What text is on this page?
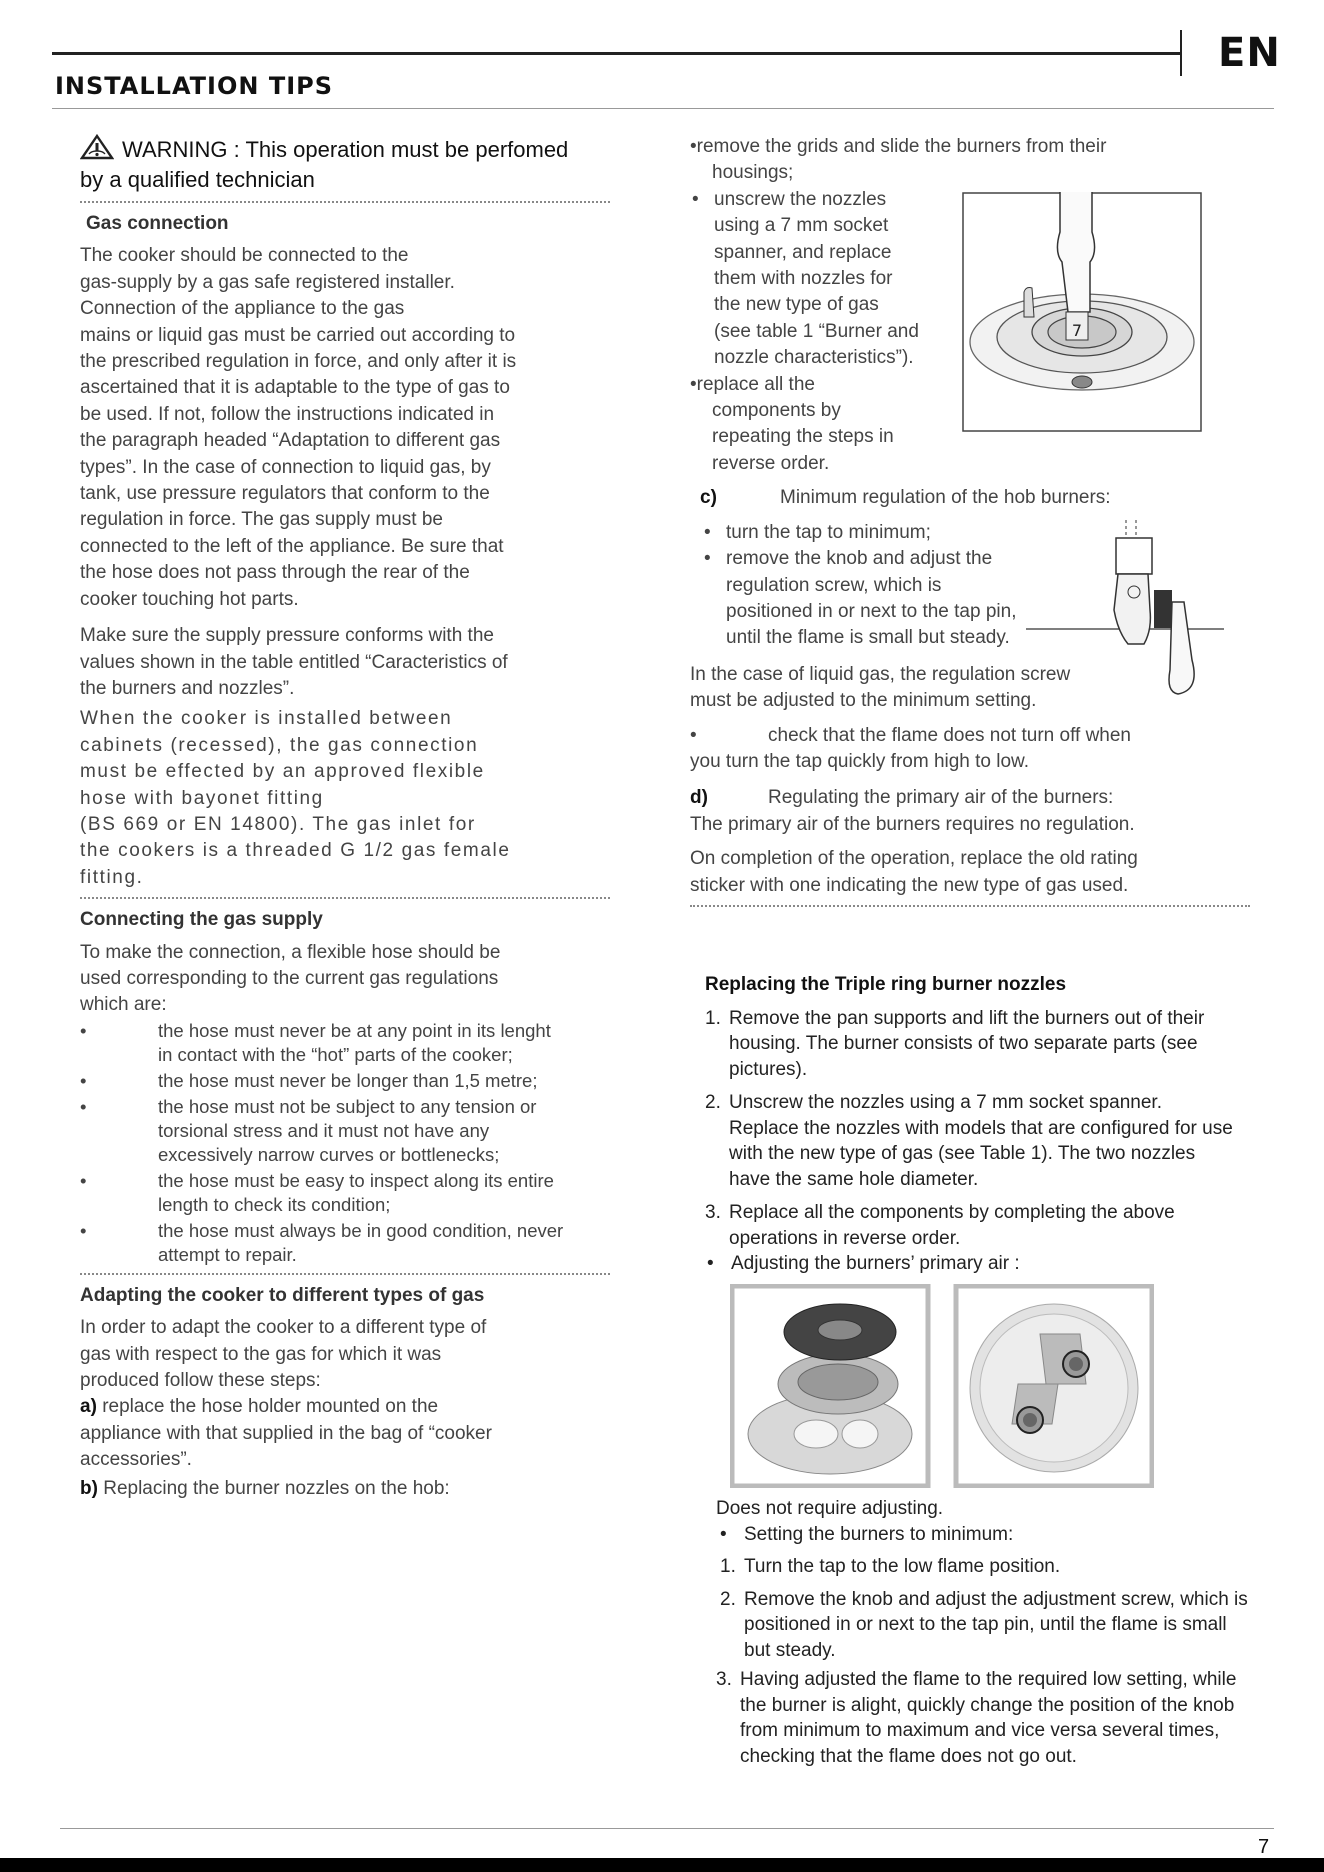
EN
INSTALLATION TIPS
WARNING : This operation must be perfomed
by a qualified technician

Gas connection

The cooker should be connected to the

gas-supply by a gas safe registered installer.

Connection of the appliance to the gas

mains or liquid gas must be carried out according to

the prescribed regulation in force, and only after it is

ascertained that it is adaptable to the type of gas to

be used. If not, follow the instructions indicated in

the paragraph headed “Adaptation to different gas

types”. In the case of connection to liquid gas, by

tank, use pressure regulators that conform to the

regulation in force. The gas supply must be

connected to the left of the appliance. Be sure that

the hose does not pass through the rear of the

cooker touching hot parts.

Make sure the supply pressure conforms with the

values shown in the table entitled “Caracteristics of

the burners and nozzles”.

When the cooker is installed between

cabinets (recessed), the gas connection

must be effected by an approved flexible

hose with bayonet fitting

(BS 669 or EN 14800). The gas inlet for

the cookers is a threaded G 1/2 gas female

fitting.

Connecting the gas supply

To make the connection, a flexible hose should be

used corresponding to the current gas regulations

which are:

•	the hose must never be at any point in its lenght in contact with the “hot” parts of the cooker;
•	the hose must never be longer than 1,5 metre;
•	the hose must not be subject to any tension or torsional stress and it must not have any excessively narrow curves or bottlenecks;
•	the hose must be easy to inspect along its entire length to check its condition;
•	the hose must always be in good condition, never attempt to repair.

Adapting the cooker to different types of gas

In order to adapt the cooker to a different type of

gas with respect to the gas for which it was

produced follow these steps:

a) replace the hose holder mounted on the

appliance with that supplied in the bag of “cooker

accessories”.

b) Replacing the burner nozzles on the hob:

•remove the grids and slide the burners from their

housings;

• unscrew the nozzles

using a 7 mm socket

spanner, and replace

them with nozzles for

the new type of gas

(see table 1 “Burner and

nozzle characteristics”).

•replace all the

components by

repeating the steps in

reverse order.

c)	Minimum regulation of the hob burners:

• turn the tap to minimum;
• remove the knob and adjust the regulation screw, which is positioned in or next to the tap pin, until the flame is small but steady.

In the case of liquid gas, the regulation screw

must be adjusted to the minimum setting.

•	check that the flame does not turn off when

you turn the tap quickly from high to low.

d)	Regulating the primary air of the burners:

The primary air of the burners requires no regulation.

On completion of the operation, replace the old rating

sticker with one indicating the new type of gas used.

Replacing the Triple ring burner nozzles

1. Remove the pan supports and lift the burners out of their housing. The burner consists of two separate parts (see pictures).
2. Unscrew the nozzles using a 7 mm socket spanner. Replace the nozzles with models that are configured for use with the new type of gas (see Table 1). The two nozzles have the same hole diameter.
3. Replace all the components by completing the above operations in reverse order.
• Adjusting the burners’ primary air :

Does not require adjusting.

• Setting the burners to minimum:
1. Turn the tap to the low flame position.
2. Remove the knob and adjust the adjustment screw, which is positioned in or next to the tap pin, until the flame is small but steady.
3. Having adjusted the flame to the required low setting, while the burner is alight, quickly change the position of the knob from minimum to maximum and vice versa several times, checking that the flame does not go out.
7
7
